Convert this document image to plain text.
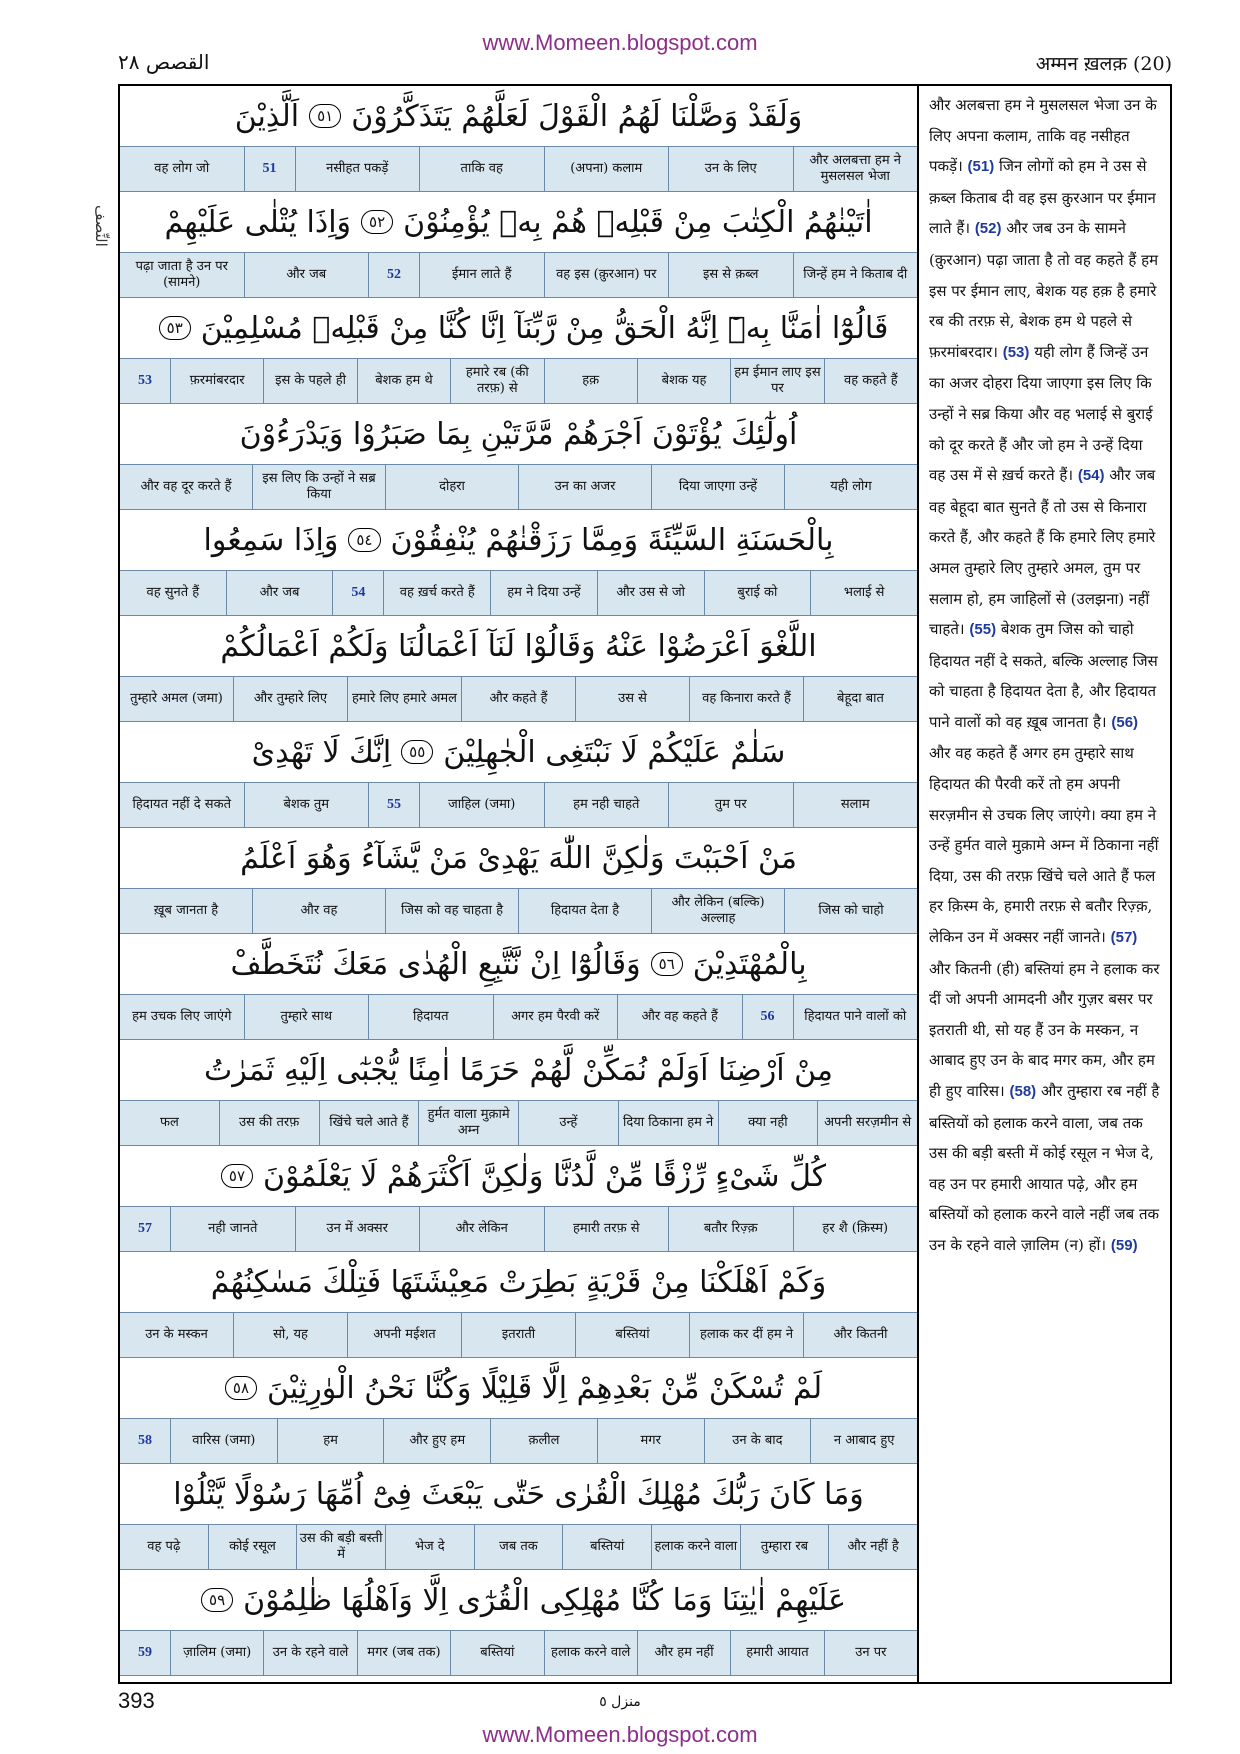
www.Momeen.blogspot.com
القصص ٢٨	अम्मन ख़लक़ (20)
النِّصف
وَلَقَدْ وَصَّلْنَا لَهُمُ الْقَوْلَ لَعَلَّهُمْ يَتَذَكَّرُوْنَ
٥١
اَلَّذِيْنَ
और अलबत्ता हम ने मुसलसल भेजा
उन के लिए
(अपना) कलाम
ताकि वह
नसीहत पकड़ें
51
वह लोग जो
اٰتَيْنٰهُمُ الْكِتٰبَ مِنْ قَبْلِهٖ هُمْ بِهٖ يُؤْمِنُوْنَ
٥٢
وَاِذَا يُتْلٰى عَلَيْهِمْ
जिन्हें हम ने किताब दी
इस से क़ब्ल
वह इस (क़ुरआन) पर
ईमान लाते हैं
52
और जब
पढ़ा जाता है उन पर (सामने)
قَالُوْٓا اٰمَنَّا بِهٖٓ اِنَّهُ الْحَقُّ مِنْ رَّبِّنَآ اِنَّا كُنَّا مِنْ قَبْلِهٖ مُسْلِمِيْنَ
٥٣
वह कहते हैं
हम ईमान लाए इस पर
बेशक यह
हक़
हमारे रब (की तरफ़) से
बेशक हम थे
इस के पहले ही
फ़रमांबरदार
53
اُولٰٓئِكَ يُؤْتَوْنَ اَجْرَهُمْ مَّرَّتَيْنِ بِمَا صَبَرُوْا وَيَدْرَءُوْنَ
यही लोग
दिया जाएगा उन्हें
उन का अजर
दोहरा
इस लिए कि उन्हों ने सब्र किया
और वह दूर करते हैं
بِالْحَسَنَةِ السَّيِّئَةَ وَمِمَّا رَزَقْنٰهُمْ يُنْفِقُوْنَ
٥٤
وَاِذَا سَمِعُوا
भलाई से
बुराई को
और उस से जो
हम ने दिया उन्हें
वह ख़र्च करते हैं
54
और जब
वह सुनते हैं
اللَّغْوَ اَعْرَضُوْا عَنْهُ وَقَالُوْا لَنَآ اَعْمَالُنَا وَلَكُمْ اَعْمَالُكُمْ
बेहूदा बात
वह किनारा करते हैं
उस से
और कहते हैं
हमारे लिए हमारे अमल
और तुम्हारे लिए
तुम्हारे अमल (जमा)
سَلٰمٌ عَلَيْكُمْ لَا نَبْتَغِى الْجٰهِلِيْنَ
٥٥
اِنَّكَ لَا تَهْدِىْ
सलाम
तुम पर
हम नही चाहते
जाहिल (जमा)
55
बेशक तुम
हिदायत नहीं दे सकते
مَنْ اَحْبَبْتَ وَلٰكِنَّ اللّٰهَ يَهْدِىْ مَنْ يَّشَآءُ وَهُوَ اَعْلَمُ
जिस को चाहो
और लेकिन (बल्कि) अल्लाह
हिदायत देता है
जिस को वह चाहता है
और वह
ख़ूब जानता है
بِالْمُهْتَدِيْنَ
٥٦
وَقَالُوْٓا اِنْ نَّتَّبِعِ الْهُدٰى مَعَكَ نُتَخَطَّفْ
हिदायत पाने वालों को
56
और वह कहते हैं
अगर हम पैरवी करें
हिदायत
तुम्हारे साथ
हम उचक लिए जाएंगे
مِنْ اَرْضِنَا اَوَلَمْ نُمَكِّنْ لَّهُمْ حَرَمًا اٰمِنًا يُّجْبٰٓى اِلَيْهِ ثَمَرٰتُ
अपनी सरज़मीन से
क्या नही
दिया ठिकाना हम ने
उन्हें
हुर्मत वाला मुक़ामे अम्न
खिंचे चले आते हैं
उस की तरफ़
फल
كُلِّ شَىْءٍ رِّزْقًا مِّنْ لَّدُنَّا وَلٰكِنَّ اَكْثَرَهُمْ لَا يَعْلَمُوْنَ
٥٧
हर शै (क़िस्म)
बतौर रिज़्क़
हमारी तरफ़ से
और लेकिन
उन में अक्सर
नही जानते
57
وَكَمْ اَهْلَكْنَا مِنْ قَرْيَةٍ بَطِرَتْ مَعِيْشَتَهَا فَتِلْكَ مَسٰكِنُهُمْ
और कितनी
हलाक कर दीं हम ने
बस्तियां
इतराती
अपनी मईशत
सो, यह
उन के मस्कन
لَمْ تُسْكَنْ مِّنْ بَعْدِهِمْ اِلَّا قَلِيْلًا وَكُنَّا نَحْنُ الْوٰرِثِيْنَ
٥٨
न आबाद हुए
उन के बाद
मगर
क़लील
और हुए हम
हम
वारिस (जमा)
58
وَمَا كَانَ رَبُّكَ مُهْلِكَ الْقُرٰى حَتّٰى يَبْعَثَ فِىْٓ اُمِّهَا رَسُوْلًا يَّتْلُوْا
और नहीं है
तुम्हारा रब
हलाक करने वाला
बस्तियां
जब तक
भेज दे
उस की बड़ी बस्ती में
कोई रसूल
वह पढ़े
عَلَيْهِمْ اٰيٰتِنَا وَمَا كُنَّا مُهْلِكِى الْقُرٰٓى اِلَّا وَاَهْلُهَا ظٰلِمُوْنَ
٥٩
उन पर
हमारी आयात
और हम नहीं
हलाक करने वाले
बस्तियां
मगर (जब तक)
उन के रहने वाले
ज़ालिम (जमा)
59
और अलबत्ता हम ने मुसलसल भेजा उन के लिए अपना कलाम, ताकि वह नसीहत पकड़ें। (51) जिन लोगों को हम ने उस से क़ब्ल किताब दी वह इस क़ुरआन पर ईमान लाते हैं। (52) और जब उन के सामने (क़ुरआन) पढ़ा जाता है तो वह कहते हैं हम इस पर ईमान लाए, बेशक यह हक़ है हमारे रब की तरफ़ से, बेशक हम थे पहले से फ़रमांबरदार। (53) यही लोग हैं जिन्हें उन का अजर दोहरा दिया जाएगा इस लिए कि उन्हों ने सब्र किया और वह भलाई से बुराई को दूर करते हैं और जो हम ने उन्हें दिया वह उस में से ख़र्च करते हैं। (54) और जब वह बेहूदा बात सुनते हैं तो उस से किनारा करते हैं, और कहते हैं कि हमारे लिए हमारे अमल तुम्हारे लिए तुम्हारे अमल, तुम पर सलाम हो, हम जाहिलों से (उलझना) नहीं चाहते। (55) बेशक तुम जिस को चाहो हिदायत नहीं दे सकते, बल्कि अल्लाह जिस को चाहता है हिदायत देता है, और हिदायत पाने वालों को वह ख़ूब जानता है। (56) और वह कहते हैं अगर हम तुम्हारे साथ हिदायत की पैरवी करें तो हम अपनी सरज़मीन से उचक लिए जाएंगे। क्या हम ने उन्हें हुर्मत वाले मुक़ामे अम्न में ठिकाना नहीं दिया, उस की तरफ़ खिंचे चले आते हैं फल हर क़िस्म के, हमारी तरफ़ से बतौर रिज़्क़, लेकिन उन में अक्सर नहीं जानते। (57) और कितनी (ही) बस्तियां हम ने हलाक कर दीं जो अपनी आमदनी और गुज़र बसर पर इतराती थी, सो यह हैं उन के मस्कन, न आबाद हुए उन के बाद मगर कम, और हम ही हुए वारिस। (58) और तुम्हारा रब नहीं है बस्तियों को हलाक करने वाला, जब तक उस की बड़ी बस्ती में कोई रसूल न भेज दे, वह उन पर हमारी आयात पढ़े, और हम बस्तियों को हलाक करने वाले नहीं जब तक उन के रहने वाले ज़ालिम (न) हों। (59)
393	منزل ٥
www.Momeen.blogspot.com
